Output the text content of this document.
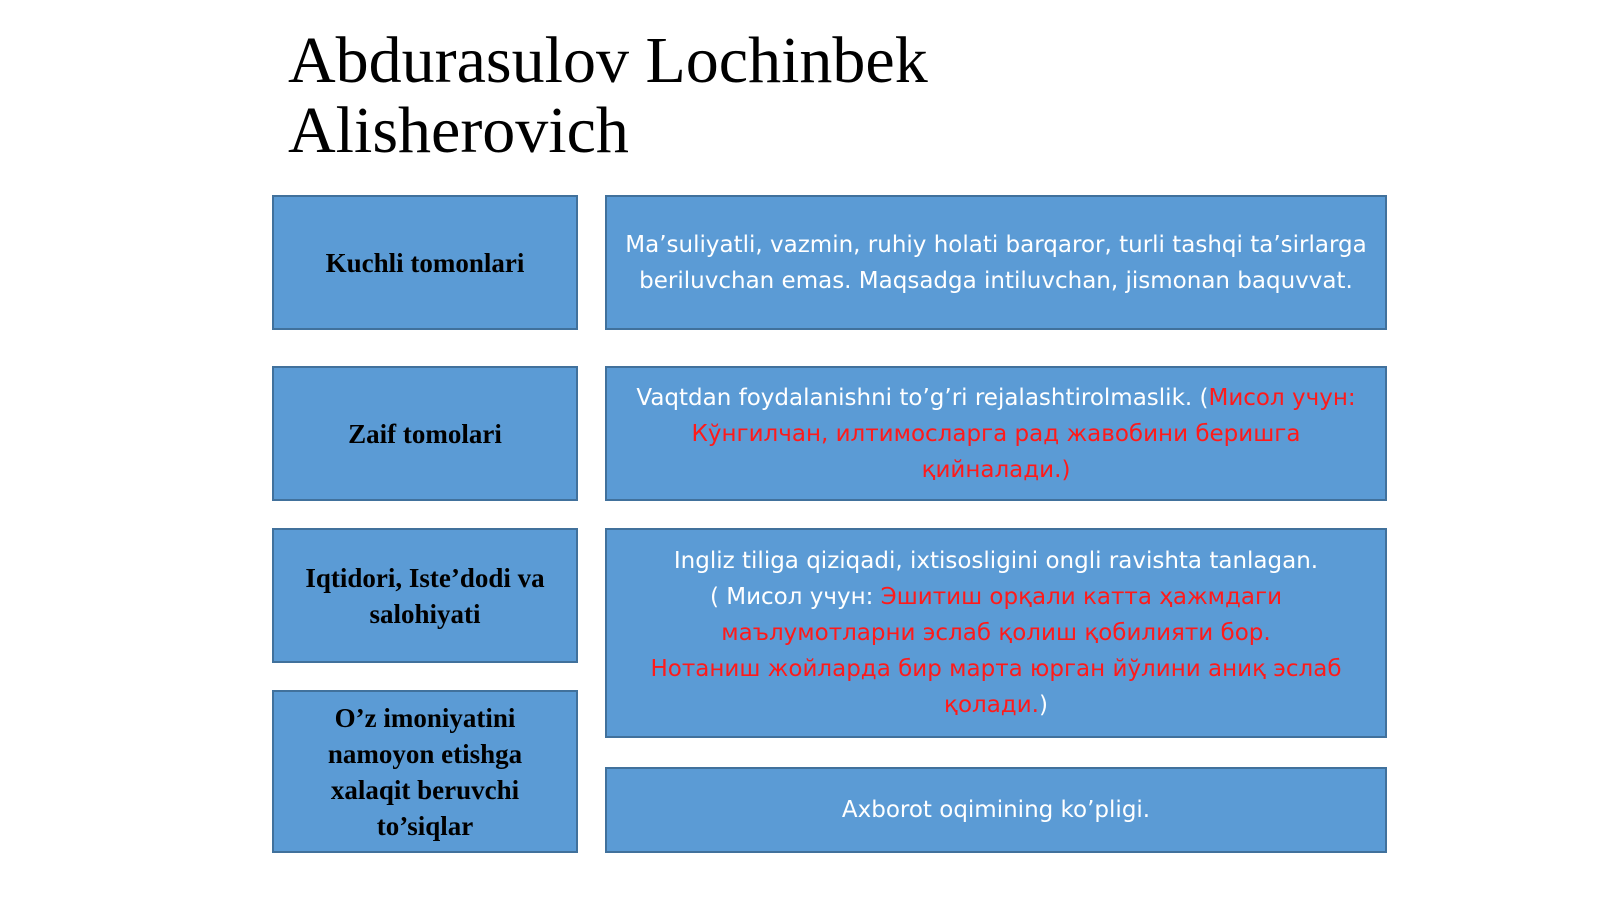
Abdurasulov Lochinbek
Alisherovich
Kuchli tomonlari

Ma’suliyatli, vazmin, ruhiy holati barqaror, turli tashqi ta’sirlarga beriluvchan emas. Maqsadga intiluvchan, jismonan baquvvat.

Zaif tomolari

Vaqtdan foydalanishni to’g’ri rejalashtirolmaslik. (Мисол учун: Кўнгилчан, илтимосларга рад жавобини беришга қийналади.)

Iqtidori, Iste’dodi va salohiyati

Ingliz tiliga qiziqadi, ixtisosligini ongli ravishta tanlagan.
( Мисол учун: Эшитиш орқали катта ҳажмдаги маълумотларни эслаб қолиш қобилияти бор.
Нотаниш жойларда бир марта юрган йўлини аниқ эслаб қолади.)

O’z imoniyatini namoyon etishga xalaqit beruvchi to’siqlar

Axborot oqimining ko’pligi.
